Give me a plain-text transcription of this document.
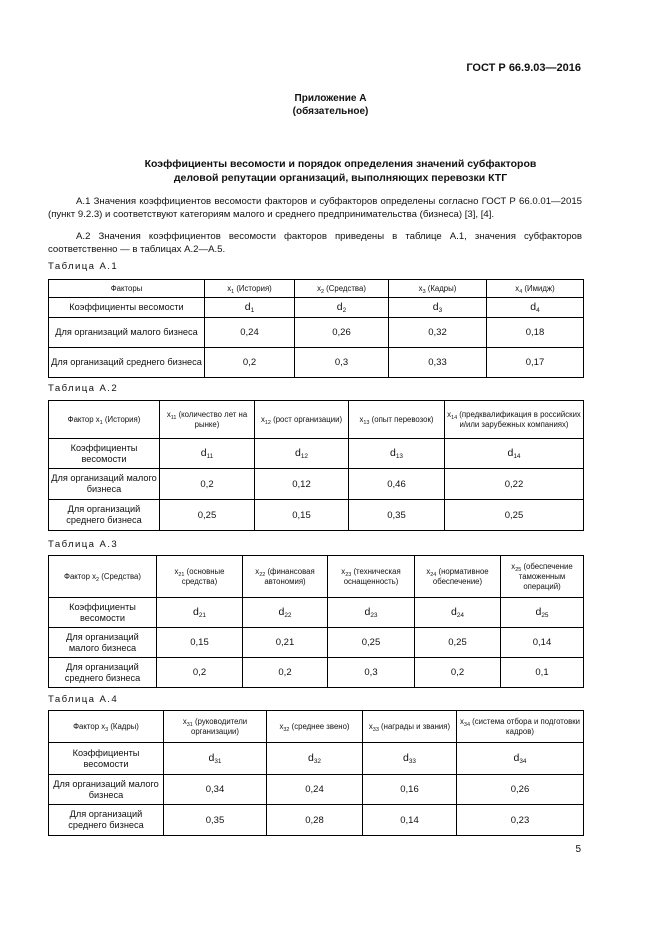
ГОСТ Р 66.9.03—2016
Приложение А
(обязательное)
Коэффициенты весомости и порядок определения значений субфакторов
деловой репутации организаций, выполняющих перевозки КТГ
А.1 Значения коэффициентов весомости факторов и субфакторов определены согласно ГОСТ Р 66.0.01—2015 (пункт 9.2.3) и соответствуют категориям малого и среднего предпринимательства (бизнеса) [3], [4].
А.2 Значения коэффициентов весомости факторов приведены в таблице А.1, значения субфакторов соответственно — в таблицах А.2—А.5.
Таблица А.1
Факторы	$x_1$ (История)	$x_2$ (Средства)	$x_3$ (Кадры)	$x_4$ (Имидж)
Коэффициенты весомости	$d_1$	$d_2$	$d_3$	$d_4$
Для организаций малого бизнеса	0,24	0,26	0,32	0,18
Для организаций среднего бизнеса	0,2	0,3	0,33	0,17
Таблица А.2
Фактор $x_1$ (История)	$x_{11}$ (количество лет на рынке)	$x_{12}$ (рост организации)	$x_{13}$ (опыт перевозок)	$x_{14}$ (предквалификация в российских и/или зарубежных компаниях)
Коэффициенты весомости	$d_{11}$	$d_{12}$	$d_{13}$	$d_{14}$
Для организаций малого бизнеса	0,2	0,12	0,46	0,22
Для организаций среднего бизнеса	0,25	0,15	0,35	0,25
Таблица А.3
Фактор $x_2$ (Средства)	$x_{21}$ (основные средства)	$x_{22}$ (финансовая автономия)	$x_{23}$ (техническая оснащенность)	$x_{24}$ (нормативное обеспечение)	$x_{25}$ (обеспечение таможенным операций)
Коэффициенты весомости	$d_{21}$	$d_{22}$	$d_{23}$	$d_{24}$	$d_{25}$
Для организаций малого бизнеса	0,15	0,21	0,25	0,25	0,14
Для организаций среднего бизнеса	0,2	0,2	0,3	0,2	0,1
Таблица А.4
Фактор $x_3$ (Кадры)	$x_{31}$ (руководители организации)	$x_{32}$ (среднее звено)	$x_{33}$ (награды и звания)	$x_{34}$ (система отбора и подготовки кадров)
Коэффициенты весомости	$d_{31}$	$d_{32}$	$d_{33}$	$d_{34}$
Для организаций малого бизнеса	0,34	0,24	0,16	0,26
Для организаций среднего бизнеса	0,35	0,28	0,14	0,23
5
